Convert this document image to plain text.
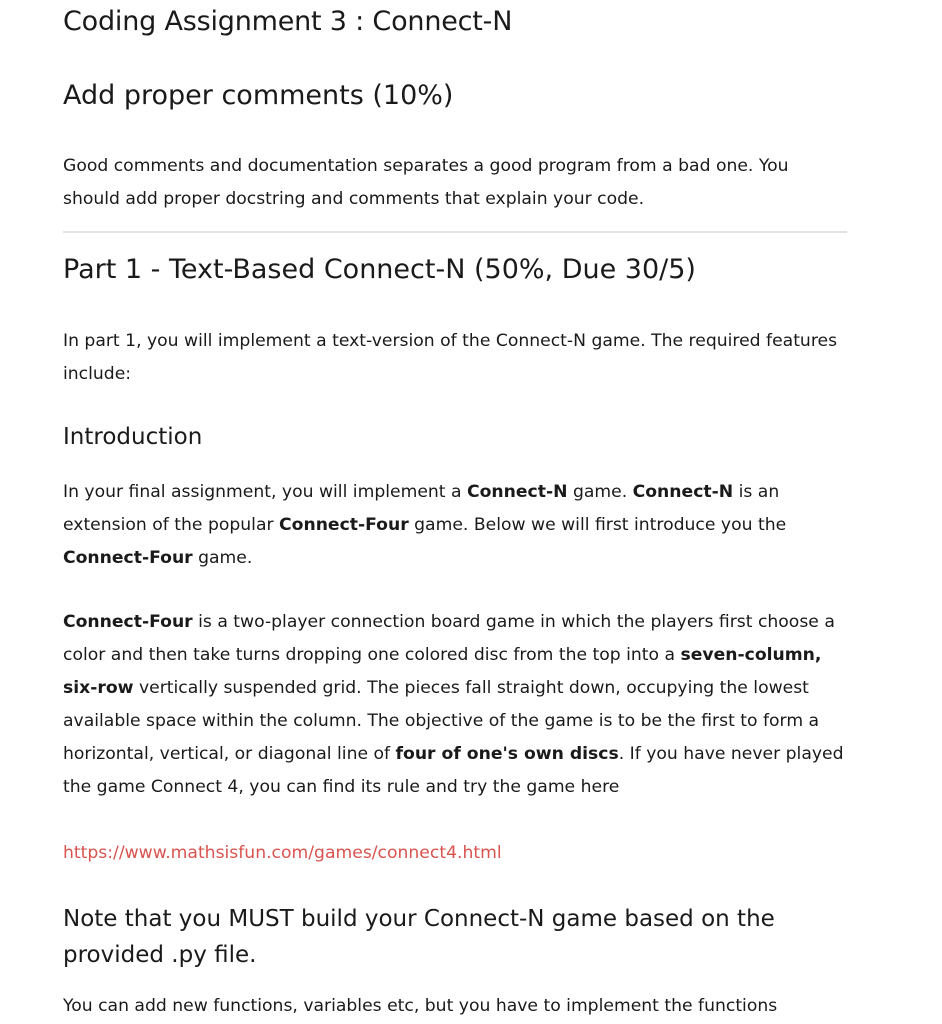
Coding Assignment 3 : Connect-N
Add proper comments (10%)

Good comments and documentation separates a good program from a bad one. You
should add proper docstring and comments that explain your code.

Part 1 - Text-Based Connect-N (50%, Due 30/5)

In part 1, you will implement a text-version of the Connect-N game. The required features
include:

Introduction

In your final assignment, you will implement a Connect-N game. Connect-N is an
extension of the popular Connect-Four game. Below we will first introduce you the
Connect-Four game.

Connect-Four is a two-player connection board game in which the players first choose a
color and then take turns dropping one colored disc from the top into a seven-column,
six-row vertically suspended grid. The pieces fall straight down, occupying the lowest
available space within the column. The objective of the game is to be the first to form a
horizontal, vertical, or diagonal line of four of one's own discs. If you have never played
the game Connect 4, you can find its rule and try the game here

https://www.mathsisfun.com/games/connect4.html
Note that you MUST build your Connect-N game based on the
provided .py file.

You can add new functions, variables etc, but you have to implement the functions
